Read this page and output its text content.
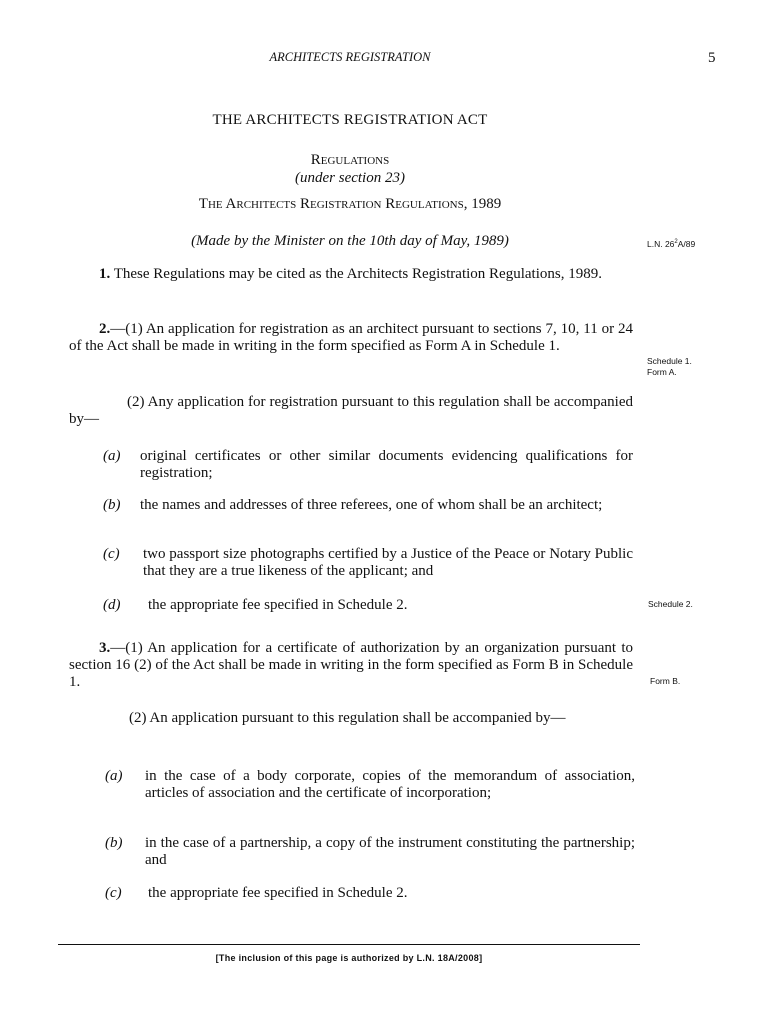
ARCHITECTS REGISTRATION	5
THE ARCHITECTS REGISTRATION ACT
Regulations
(under section 23)
The Architects Registration Regulations, 1989
(Made by the Minister on the 10th day of May, 1989)	L.N. $26^2A/89$
Schedule 1.
Form A.
Schedule 2.
Form B.
1. These Regulations may be cited as the Architects Registration Regulations, 1989.
2.—(1) An application for registration as an architect pursuant to sections 7, 10, 11 or 24 of the Act shall be made in writing in the form specified as Form A in Schedule 1.
(2) Any application for registration pursuant to this regulation shall be accompanied by—
(a) original certificates or other similar documents evidencing qualifications for registration;
(b) the names and addresses of three referees, one of whom shall be an architect;
(c) two passport size photographs certified by a Justice of the Peace or Notary Public that they are a true likeness of the applicant; and
(d) the appropriate fee specified in Schedule 2.
3.—(1) An application for a certificate of authorization by an organization pursuant to section 16 (2) of the Act shall be made in writing in the form specified as Form B in Schedule 1.
(2) An application pursuant to this regulation shall be accompanied by—
(a) in the case of a body corporate, copies of the memorandum of association, articles of association and the certificate of incorporation;
(b) in the case of a partnership, a copy of the instrument constituting the partnership; and
(c) the appropriate fee specified in Schedule 2.
[The inclusion of this page is authorized by L.N. 18A/2008]
